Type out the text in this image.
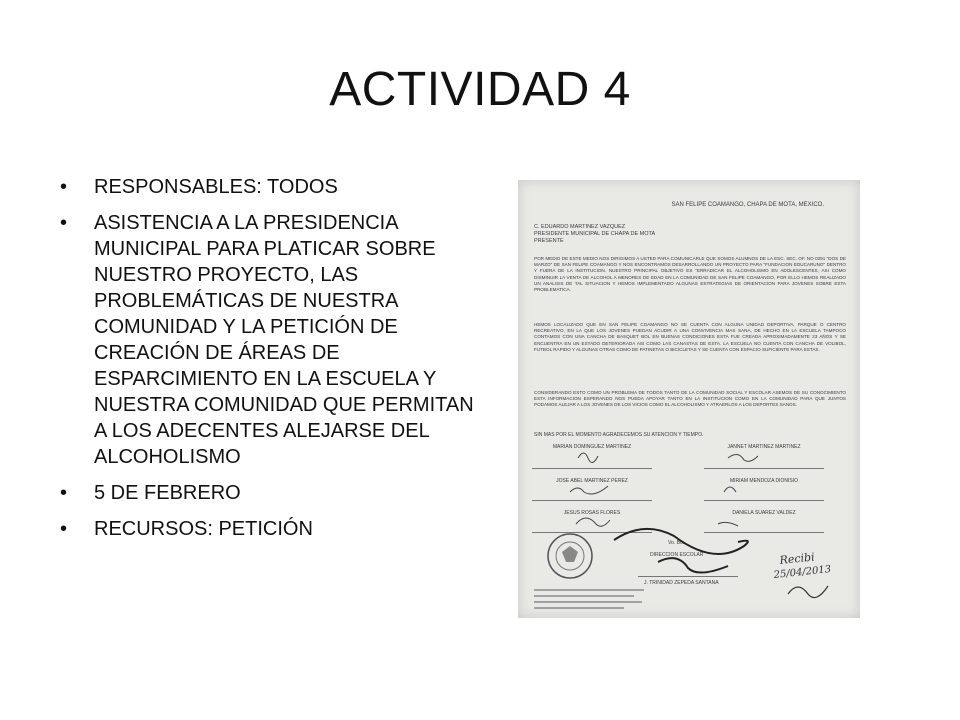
ACTIVIDAD 4
• RESPONSABLES: TODOS
• ASISTENCIA A LA PRESIDENCIA MUNICIPAL PARA PLATICAR SOBRE NUESTRO PROYECTO, LAS PROBLEMÁTICAS DE NUESTRA COMUNIDAD Y LA PETICIÓN DE CREACIÓN DE ÁREAS DE ESPARCIMIENTO EN LA ESCUELA Y NUESTRA COMUNIDAD QUE PERMITAN A LOS ADECENTES ALEJARSE DEL ALCOHOLISMO
• 5 DE FEBRERO
• RECURSOS: PETICIÓN
SAN FELIPE COAMANGO, CHAPA DE MOTA, MEXICO.
C. EDUARDO MARTINEZ VAZQUEZ
PRESIDENTE MUNICIPAL DE CHAPA DE MOTA
PRESENTE
POR MEDIO DE ESTE MEDIO NOS DIRIGIMOS A USTED PARA COMUNICARLE QUE SOMOS ALUMNOS DE LA ESC. SEC. OF. NO 0291 "DOS DE MARZO" DE SAN FELIPE COAMANGO Y NOS ENCONTRAMOS DESARROLLANDO UN PROYECTO PARA "FUNDACION EDUCARUNO" DENTRO Y FUERA DE LA INSTITUCION. NUESTRO PRINCIPAL OBJETIVO ES "ERRADICAR EL ALCOHOLISMO EN ADOLESCENTES, ASI COMO DISMINUIR LA VENTA DE ALCOHOL A MENORES DE EDAD EN LA COMUNIDAD DE SAN FELIPE COAMANGO, POR ELLO HEMOS REALIZADO UN ANALISIS DE TAL SITUACION Y HEMOS IMPLEMENTADO ALGUNAS ESTRATEGIAS DE ORIENTACION PARA JOVENES SOBRE ESTA PROBLEMATICA.
HEMOS LOCALIZADO QUE EN SAN FELIPE COAMANGO NO SE CUENTA CON ALGUNA UNIDAD DEPORTIVA, PARQUE O CENTRO RECREATIVO, EN LA QUE LOS JOVENES PUEDAN ACUDIR A UNA CONVIVENCIA MAS SANA, DE HECHO EN LA ESCUELA TAMPOCO CONTAMOS CON UNA CANCHA DE BASQUET BOL EN BUENAS CONDICIONES ESTA FUE CREADA APROXIMADAMENTE 23 AÑOS Y SE ENCUENTRA EN UN ESTADO DETERIORADA ASI COMO LAS CANASTAS DE ESTA. LA ESCUELA NO CUENTA CON CANCHA DE VOLIBOL, FUTBOL RAPIDO Y ALGUNAS OTRAS COMO DE PATINETAS O BICICLETAS Y SE CUENTA CON ESPACIO SUFICIENTE PARA ESTAS.
CONSIDERANDO ESTO COMO UN PROBLEMA DE TODOS TANTO DE LA COMUNIDAD SOCIAL Y ESCOLAR ASEMOS DE SU CONOCIMIENTO ESTA INFORMACION ESPERANDO NOS PUEDA APOYAR TANTO EN LA INSTITUCION COMO EN LA COMUNIDAD PARA QUE JUNTOS PODAMOS ALEJAR A LOS JOVENES DE LOS VICIOS COMO EL ALCOHOLISMO Y ATRAERLOS A LOS DEPORTES SANOS.
SIN MAS POR EL MOMENTO AGRADECEMOS SU ATENCION Y TIEMPO.
MARIAN DOMINGUEZ MARTINEZ	JANNET MARTINEZ MARTINEZ
JOSE ABEL MARTINEZ PEREZ	MIRIAM MENDOZA DIONISIO
JESUS ROSAS FLORES	DANIELA SUAREZ VALDEZ
Vo. Bo.
DIRECCION ESCOLAR
J. TRINIDAD ZEPEDA SANTANA
Recibi
25/04/2013
